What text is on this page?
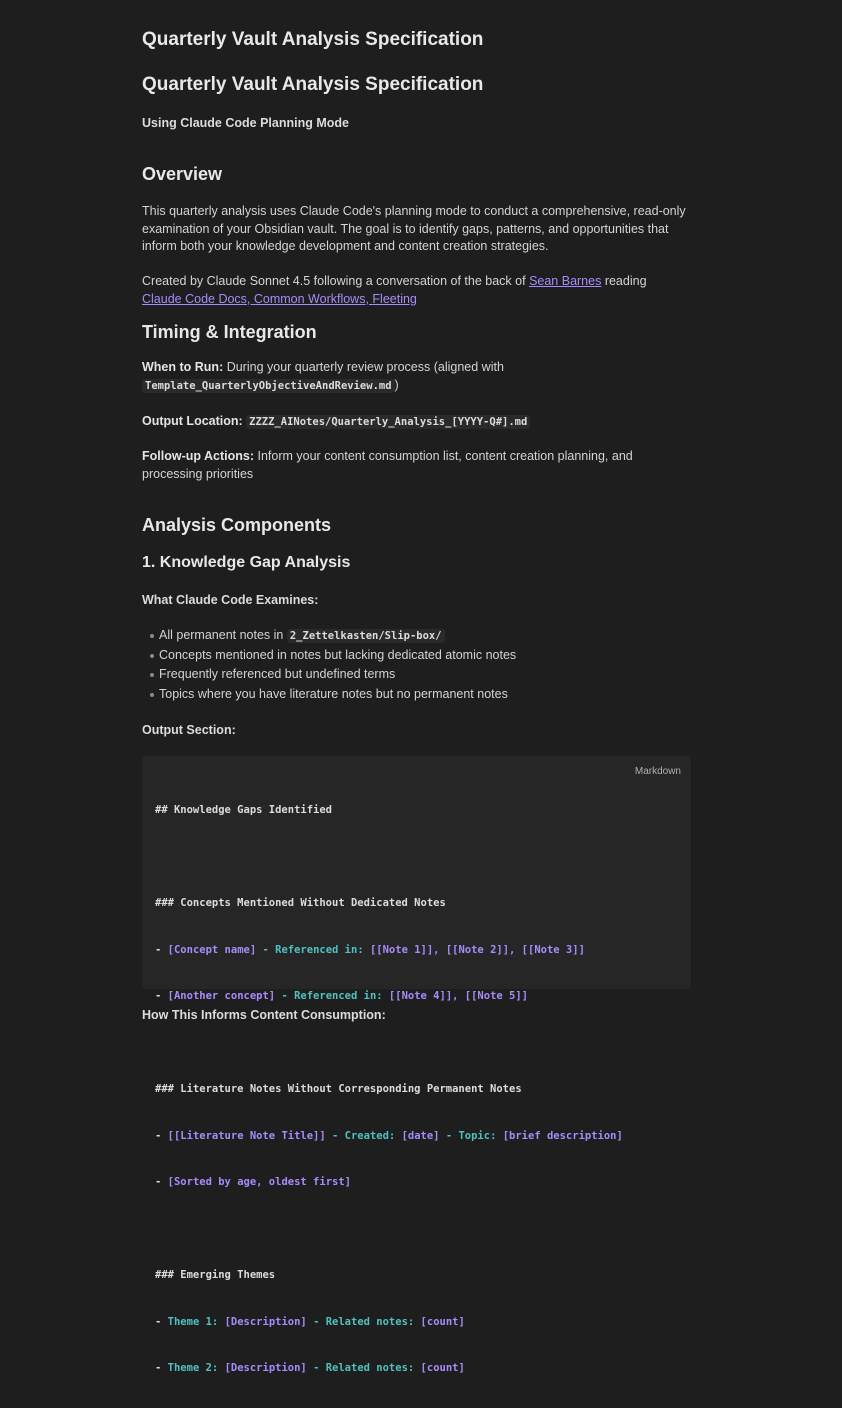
Quarterly Vault Analysis Specification
Quarterly Vault Analysis Specification
Using Claude Code Planning Mode
Overview
This quarterly analysis uses Claude Code's planning mode to conduct a comprehensive, read-only examination of your Obsidian vault. The goal is to identify gaps, patterns, and opportunities that inform both your knowledge development and content creation strategies.
Created by Claude Sonnet 4.5 following a conversation of the back of Sean Barnes reading Claude Code Docs, Common Workflows, Fleeting
Timing & Integration
When to Run: During your quarterly review process (aligned with
Template_QuarterlyObjectiveAndReview.md )
Output Location: ZZZZ_AINotes/Quarterly_Analysis_[YYYY-Q#].md
Follow-up Actions: Inform your content consumption list, content creation planning, and processing priorities
Analysis Components
1. Knowledge Gap Analysis
What Claude Code Examines:
All permanent notes in 2_Zettelkasten/Slip-box/
Concepts mentioned in notes but lacking dedicated atomic notes
Frequently referenced but undefined terms
Topics where you have literature notes but no permanent notes
Output Section:
Markdown

## Knowledge Gaps Identified

### Concepts Mentioned Without Dedicated Notes

- [Concept name] - Referenced in: [[Note 1]], [[Note 2]], [[Note 3]]

- [Another concept] - Referenced in: [[Note 4]], [[Note 5]]

### Literature Notes Without Corresponding Permanent Notes

- [[Literature Note Title]] - Created: [date] - Topic: [brief description]

- [Sorted by age, oldest first]

### Emerging Themes

- Theme 1: [Description] - Related notes: [count]

- Theme 2: [Description] - Related notes: [count]

How This Informs Content Consumption:
